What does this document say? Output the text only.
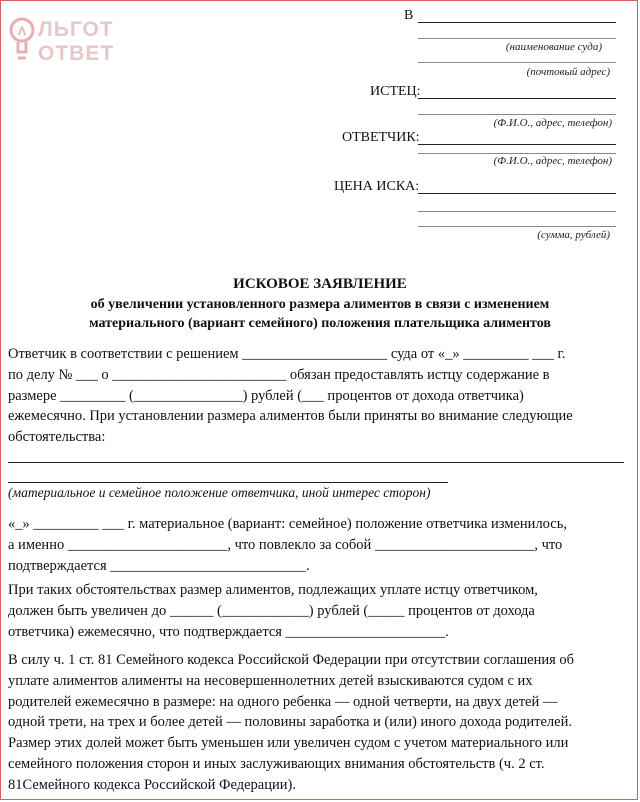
Λ ЛЬГОТ
ОТВЕТ
В
(наименование суда)
(почтовый адрес)
ИСТЕЦ:
(Ф.И.О., адрес, телефон)
ОТВЕТЧИК:
(Ф.И.О., адрес, телефон)
ЦЕНА ИСКА:
(сумма, рублей)
ИСКОВОЕ ЗАЯВЛЕНИЕ
об увеличении установленного размера алиментов в связи с изменением
материального (вариант семейного) положения плательщика алиментов
Ответчик в соответствии с решением ____________________ суда от «_» _________ ___ г.
по делу № ___ о ________________________ обязан предоставлять истцу содержание в
размере _________ (_______________) рублей (___ процентов от дохода ответчика)
ежемесячно. При установлении размера алиментов были приняты во внимание следующие
обстоятельства:
(материальное и семейное положение ответчика, иной интерес сторон)
«_» _________ ___ г. материальное (вариант: семейное) положение ответчика изменилось,
а именно ______________________, что повлекло за собой ______________________, что
подтверждается ___________________________.
При таких обстоятельствах размер алиментов, подлежащих уплате истцу ответчиком,
должен быть увеличен до ______ (____________) рублей (_____ процентов от дохода
ответчика) ежемесячно, что подтверждается ______________________.
В силу ч. 1 ст. 81 Семейного кодекса Российской Федерации при отсутствии соглашения об
уплате алиментов алименты на несовершеннолетних детей взыскиваются судом с их
родителей ежемесячно в размере: на одного ребенка — одной четверти, на двух детей —
одной трети, на трех и более детей — половины заработка и (или) иного дохода родителей.
Размер этих долей может быть уменьшен или увеличен судом с учетом материального или
семейного положения сторон и иных заслуживающих внимания обстоятельств (ч. 2 ст.
81Семейного кодекса Российской Федерации).
